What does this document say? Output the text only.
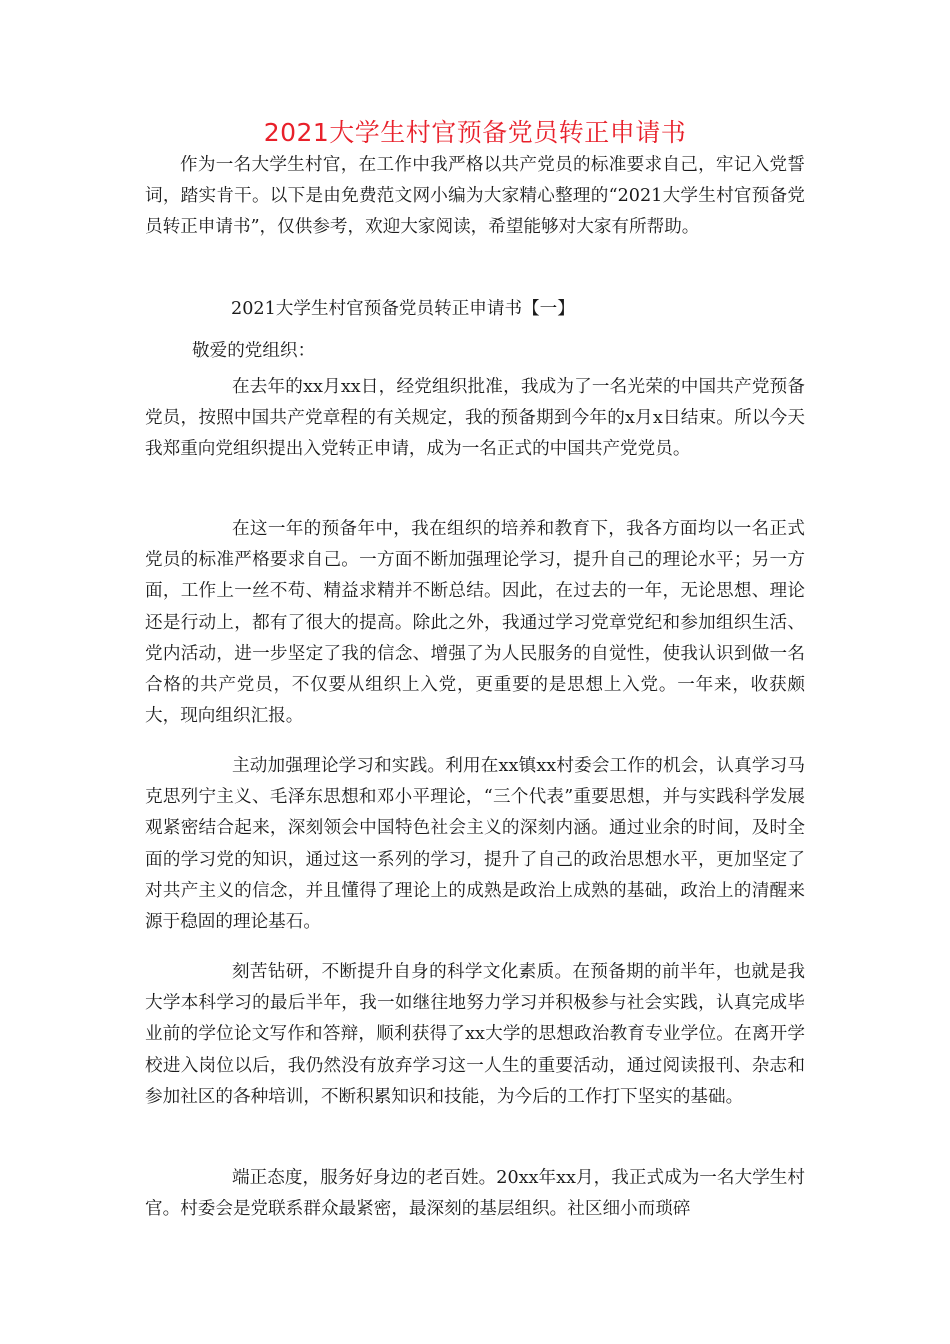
2021大学生村官预备党员转正申请书

作为一名大学生村官，在工作中我严格以共产党员的标准要求自己，牢记入党誓词，踏实肯干。以下是由免费范文网小编为大家精心整理的“2021大学生村官预备党员转正申请书”，仅供参考，欢迎大家阅读，希望能够对大家有所帮助。

2021大学生村官预备党员转正申请书【一】

敬爱的党组织：

在去年的xx月xx日，经党组织批准，我成为了一名光荣的中国共产党预备党员，按照中国共产党章程的有关规定，我的预备期到今年的x月x日结束。所以今天我郑重向党组织提出入党转正申请，成为一名正式的中国共产党党员。

在这一年的预备年中，我在组织的培养和教育下，我各方面均以一名正式党员的标准严格要求自己。一方面不断加强理论学习，提升自己的理论水平；另一方面，工作上一丝不苟、精益求精并不断总结。因此，在过去的一年，无论思想、理论还是行动上，都有了很大的提高。除此之外，我通过学习党章党纪和参加组织生活、党内活动，进一步坚定了我的信念、增强了为人民服务的自觉性，使我认识到做一名合格的共产党员，不仅要从组织上入党，更重要的是思想上入党。一年来，收获颇大，现向组织汇报。

主动加强理论学习和实践。利用在xx镇xx村委会工作的机会，认真学习马克思列宁主义、毛泽东思想和邓小平理论，“三个代表”重要思想，并与实践科学发展观紧密结合起来，深刻领会中国特色社会主义的深刻内涵。通过业余的时间，及时全面的学习党的知识，通过这一系列的学习，提升了自己的政治思想水平，更加坚定了对共产主义的信念，并且懂得了理论上的成熟是政治上成熟的基础，政治上的清醒来源于稳固的理论基石。

刻苦钻研，不断提升自身的科学文化素质。在预备期的前半年，也就是我大学本科学习的最后半年，我一如继往地努力学习并积极参与社会实践，认真完成毕业前的学位论文写作和答辩，顺利获得了xx大学的思想政治教育专业学位。在离开学校进入岗位以后，我仍然没有放弃学习这一人生的重要活动，通过阅读报刊、杂志和参加社区的各种培训，不断积累知识和技能，为今后的工作打下坚实的基础。

端正态度，服务好身边的老百姓。20xx年xx月，我正式成为一名大学生村官。村委会是党联系群众最紧密，最深刻的基层组织。社区细小而琐碎
